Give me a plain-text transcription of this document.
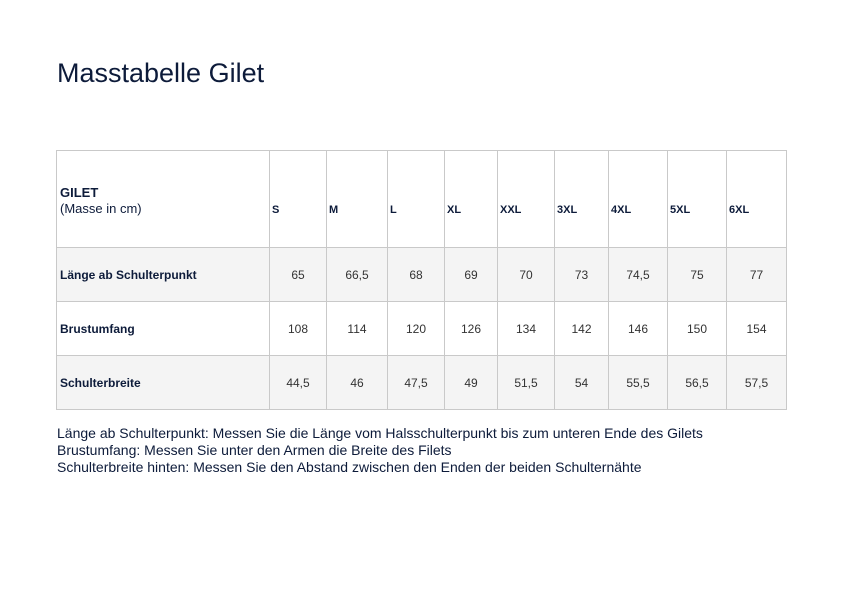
Masstabelle Gilet
GILET
(Masse in cm)	S	M	L	XL	XXL	3XL	4XL	5XL	6XL
Länge ab Schulterpunkt	65	66,5	68	69	70	73	74,5	75	77
Brustumfang	108	114	120	126	134	142	146	150	154
Schulterbreite	44,5	46	47,5	49	51,5	54	55,5	56,5	57,5
Länge ab Schulterpunkt: Messen Sie die Länge vom Halsschulterpunkt bis zum unteren Ende des Gilets
Brustumfang: Messen Sie unter den Armen die Breite des Filets
Schulterbreite hinten: Messen Sie den Abstand zwischen den Enden der beiden Schulternähte
